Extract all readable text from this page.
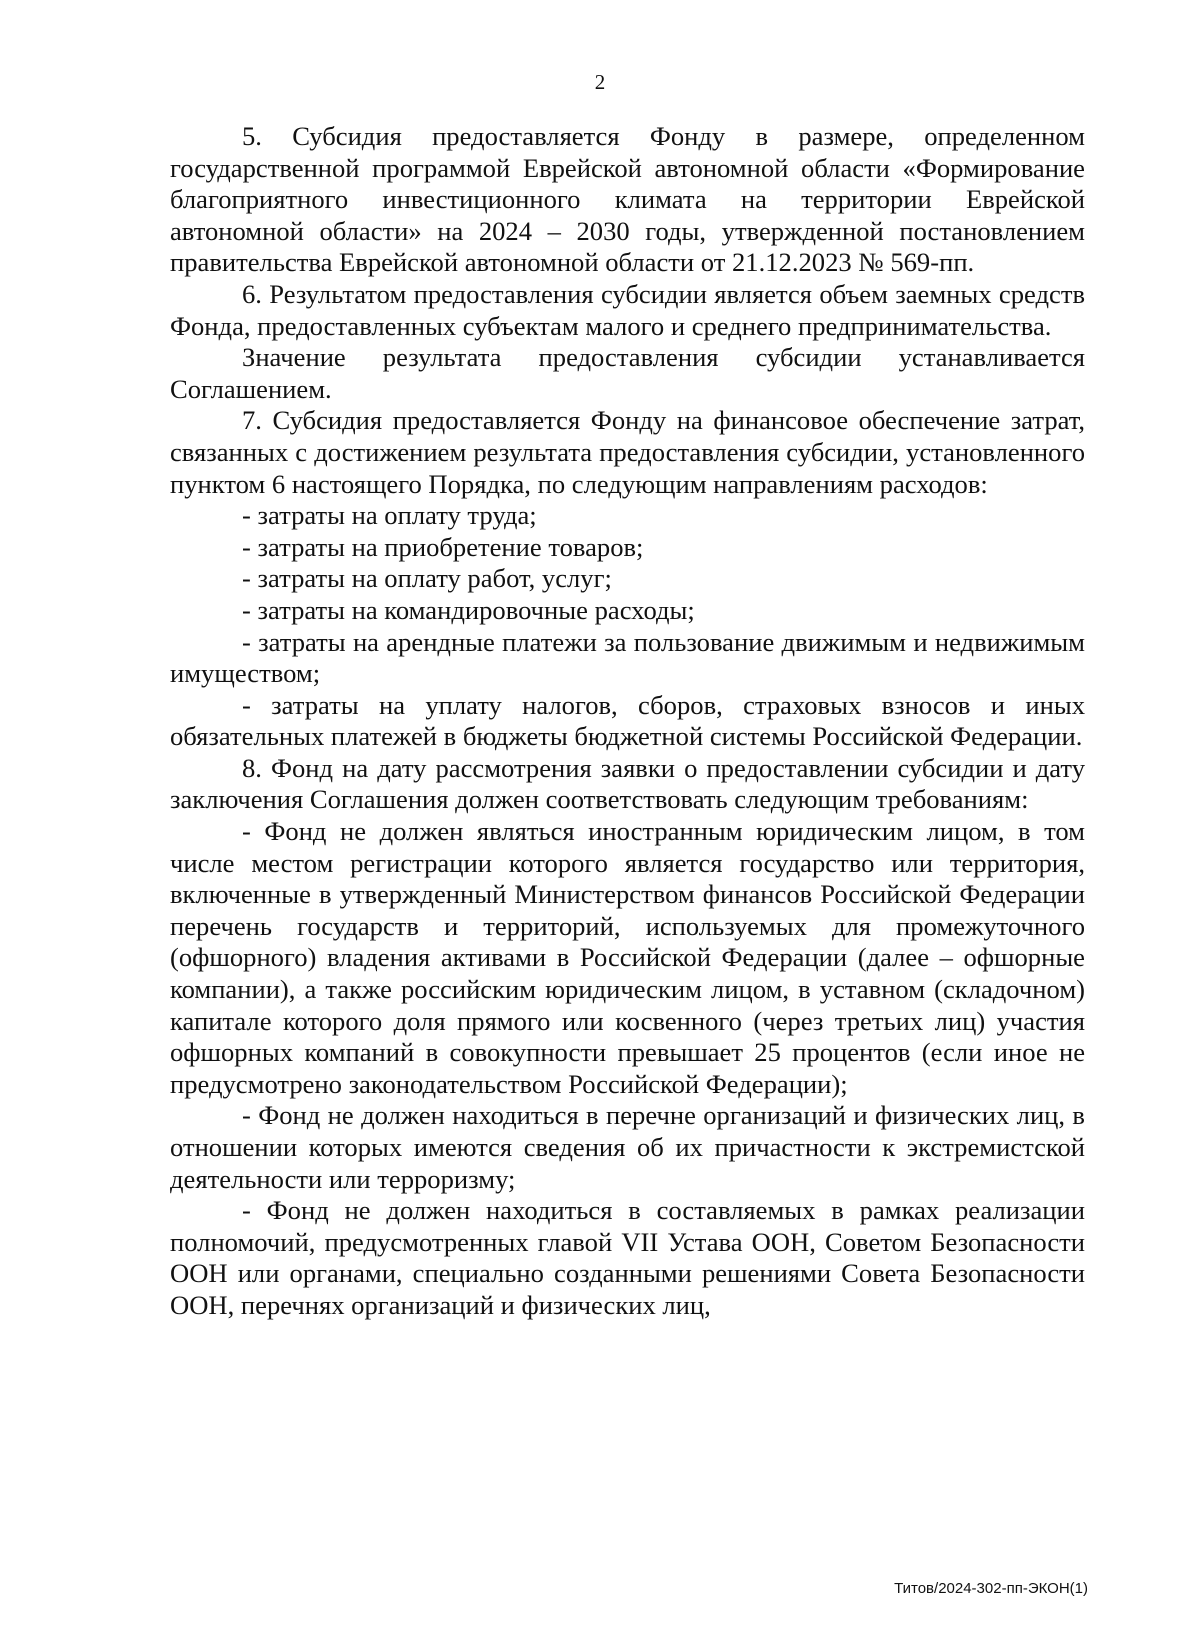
2

5. Субсидия предоставляется Фонду в размере, определенном государственной программой Еврейской автономной области «Формирование благоприятного инвестиционного климата на территории Еврейской автономной области» на 2024 – 2030 годы, утвержденной постановлением правительства Еврейской автономной области от 21.12.2023 № 569-пп.

6. Результатом предоставления субсидии является объем заемных средств Фонда, предоставленных субъектам малого и среднего предпринимательства.

Значение результата предоставления субсидии устанавливается Соглашением.

7. Субсидия предоставляется Фонду на финансовое обеспечение затрат, связанных с достижением результата предоставления субсидии, установленного пунктом 6 настоящего Порядка, по следующим направлениям расходов:

- затраты на оплату труда;

- затраты на приобретение товаров;

- затраты на оплату работ, услуг;

- затраты на командировочные расходы;

- затраты на арендные платежи за пользование движимым и недвижимым имуществом;

- затраты на уплату налогов, сборов, страховых взносов и иных обязательных платежей в бюджеты бюджетной системы Российской Федерации.

8. Фонд на дату рассмотрения заявки о предоставлении субсидии и дату заключения Соглашения должен соответствовать следующим требованиям:

- Фонд не должен являться иностранным юридическим лицом, в том числе местом регистрации которого является государство или территория, включенные в утвержденный Министерством финансов Российской Федерации перечень государств и территорий, используемых для промежуточного (офшорного) владения активами в Российской Федерации (далее – офшорные компании), а также российским юридическим лицом, в уставном (складочном) капитале которого доля прямого или косвенного (через третьих лиц) участия офшорных компаний в совокупности превышает 25 процентов (если иное не предусмотрено законодательством Российской Федерации);

- Фонд не должен находиться в перечне организаций и физических лиц, в отношении которых имеются сведения об их причастности к экстремистской деятельности или терроризму;

- Фонд не должен находиться в составляемых в рамках реализации полномочий, предусмотренных главой VII Устава ООН, Советом Безопасности ООН или органами, специально созданными решениями Совета Безопасности ООН, перечнях организаций и физических лиц,

Титов/2024-302-пп-ЭКОН(1)
